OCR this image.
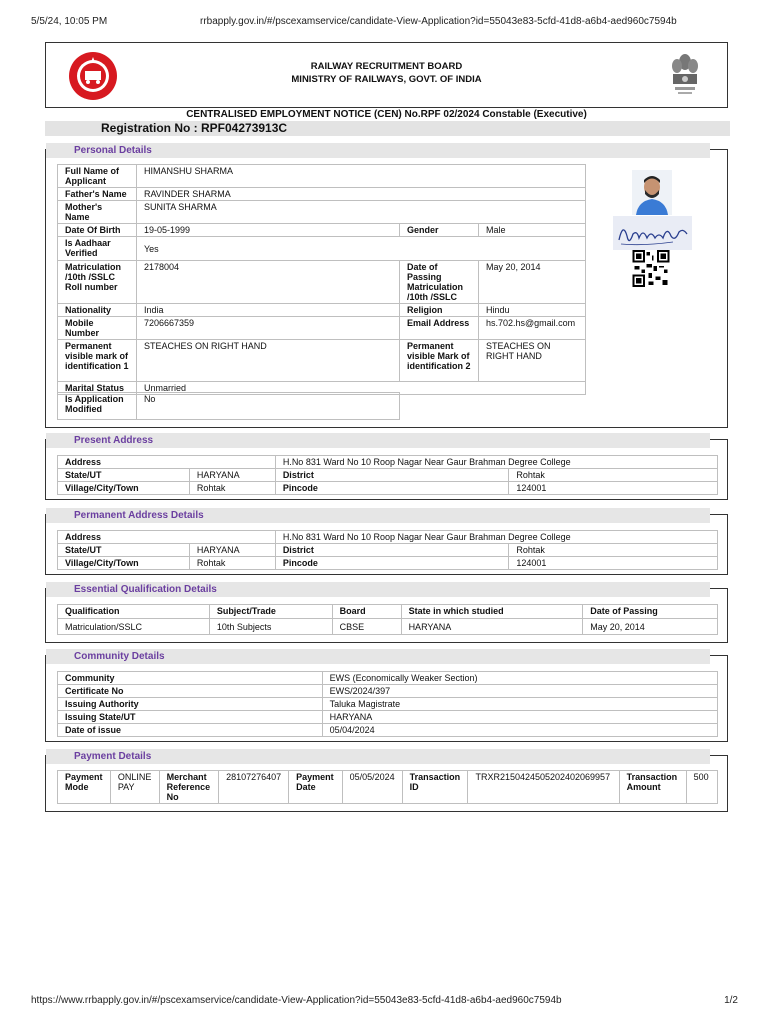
5/5/24, 10:05 PM	rrbapply.gov.in/#/pscexamservice/candidate-View-Application?id=55043e83-5cfd-41d8-a6b4-aed960c7594b
RAILWAY RECRUITMENT BOARD
MINISTRY OF RAILWAYS, GOVT. OF INDIA
CENTRALISED EMPLOYMENT NOTICE (CEN) No.RPF 02/2024 Constable (Executive)
Registration No : RPF04273913C
Personal Details
Full Name of Applicant	HIMANSHU SHARMA		
Father's Name	RAVINDER SHARMA		
Mother's Name	SUNITA SHARMA		
Date Of Birth	19-05-1999	Gender	Male
Is Aadhaar Verified	Yes		
Matriculation /10th /SSLC Roll number	2178004	Date of Passing Matriculation /10th /SSLC	May 20, 2014
Nationality	India	Religion	Hindu
Mobile Number	7206667359	Email Address	hs.702.hs@gmail.com
Permanent visible mark of identification 1	STEACHES ON RIGHT HAND	Permanent visible Mark of identification 2	STEACHES ON RIGHT HAND
Marital Status	Unmarried		
Is Application Modified	No
Present Address
Address		H.No 831 Ward No 10 Roop Nagar Near Gaur Brahman Degree College	
State/UT	HARYANA	District	Rohtak
Village/City/Town	Rohtak	Pincode	124001
Permanent Address Details
Address		H.No 831 Ward No 10 Roop Nagar Near Gaur Brahman Degree College	
State/UT	HARYANA	District	Rohtak
Village/City/Town	Rohtak	Pincode	124001
Essential Qualification Details
Qualification	Subject/Trade	Board	State in which studied	Date of Passing
Matriculation/SSLC	10th Subjects	CBSE	HARYANA	May 20, 2014
Community Details
Community	EWS (Economically Weaker Section)
Certificate No	EWS/2024/397
Issuing Authority	Taluka Magistrate
Issuing State/UT	HARYANA
Date of issue	05/04/2024
Payment Details
Payment Mode	ONLINE PAY	Merchant Reference No	28107276407	Payment Date	05/05/2024	Transaction ID	TRXR2150424505202402069957	Transaction Amount	500
https://www.rrbapply.gov.in/#/pscexamservice/candidate-View-Application?id=55043e83-5cfd-41d8-a6b4-aed960c7594b	1/2
